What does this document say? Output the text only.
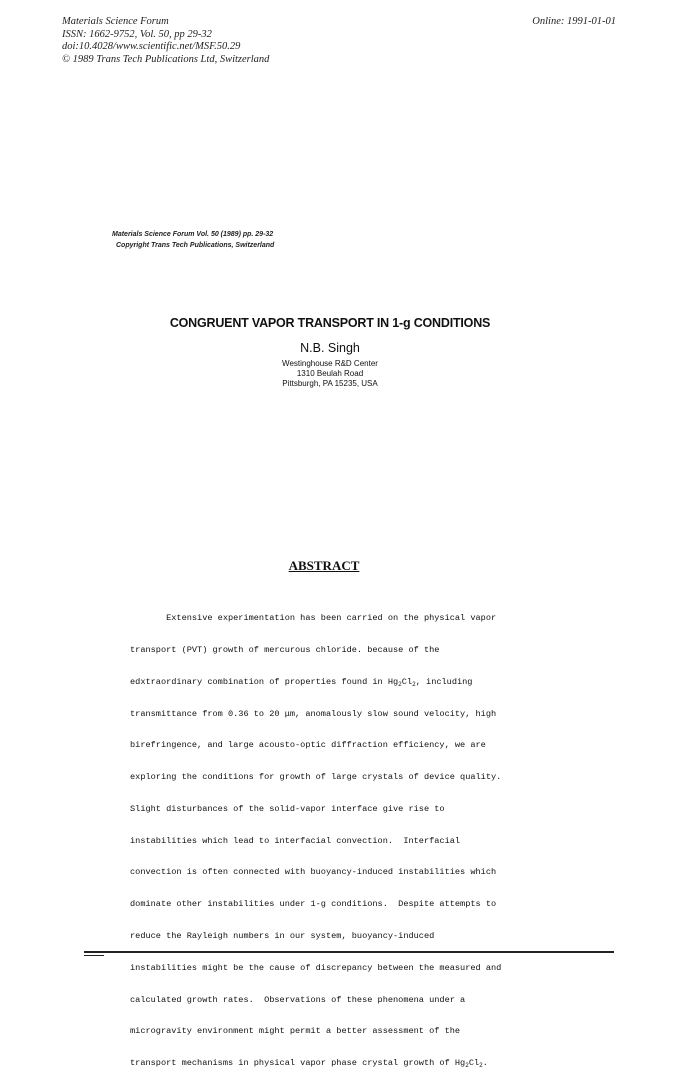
Materials Science Forum
ISSN: 1662-9752, Vol. 50, pp 29-32
doi:10.4028/www.scientific.net/MSF.50.29
© 1989 Trans Tech Publications Ltd, Switzerland
Online: 1991-01-01
Materials Science Forum Vol. 50 (1989) pp. 29-32
Copyright Trans Tech Publications, Switzerland
CONGRUENT VAPOR TRANSPORT IN 1-g CONDITIONS
N.B. Singh
Westinghouse R&D Center
1310 Beulah Road
Pittsburgh, PA 15235, USA
ABSTRACT

Extensive experimentation has been carried on the physical vapor

transport (PVT) growth of mercurous chloride. because of the

edxtraordinary combination of properties found in $Hg_2Cl_2$, including

transmittance from 0.36 to 20 μm, anomalously slow sound velocity, high

birefringence, and large acousto-optic diffraction efficiency, we are

exploring the conditions for growth of large crystals of device quality.

Slight disturbances of the solid-vapor interface give rise to

instabilities which lead to interfacial convection.  Interfacial

convection is often connected with buoyancy-induced instabilities which

dominate other instabilities under 1-g conditions.  Despite attempts to

reduce the Rayleigh numbers in our system, buoyancy-induced

instabilities might be the cause of discrepancy between the measured and

calculated growth rates.  Observations of these phenomena under a

microgravity environment might permit a better assessment of the

transport mechanisms in physical vapor phase crystal growth of $Hg_2Cl_2$.
